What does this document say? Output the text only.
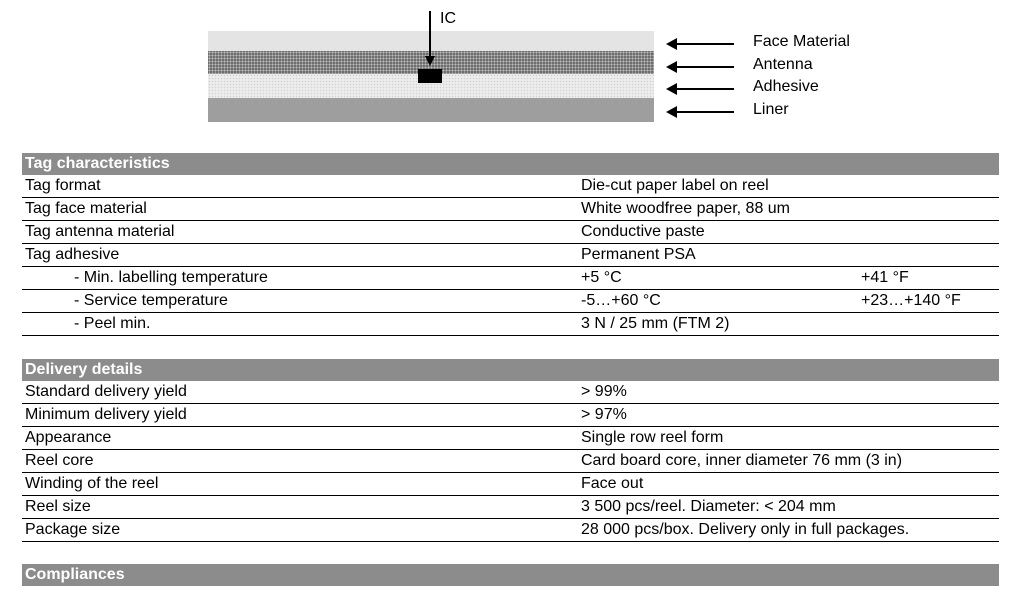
IC
Face Material
Antenna
Adhesive
Liner
Tag characteristics
Tag format	Die-cut paper label on reel
Tag face material	White woodfree paper, 88 um
Tag antenna material	Conductive paste
Tag adhesive	Permanent PSA
- Min. labelling temperature	+5 °C	+41 °F
- Service temperature	-5…+60 °C	+23…+140 °F
- Peel min.	3 N / 25 mm (FTM 2)
Delivery details
Standard delivery yield	> 99%
Minimum delivery yield	> 97%
Appearance	Single row reel form
Reel core	Card board core, inner diameter 76 mm (3 in)
Winding of the reel	Face out
Reel size	3 500 pcs/reel. Diameter: < 204 mm
Package size	28 000 pcs/box. Delivery only in full packages.
Compliances
